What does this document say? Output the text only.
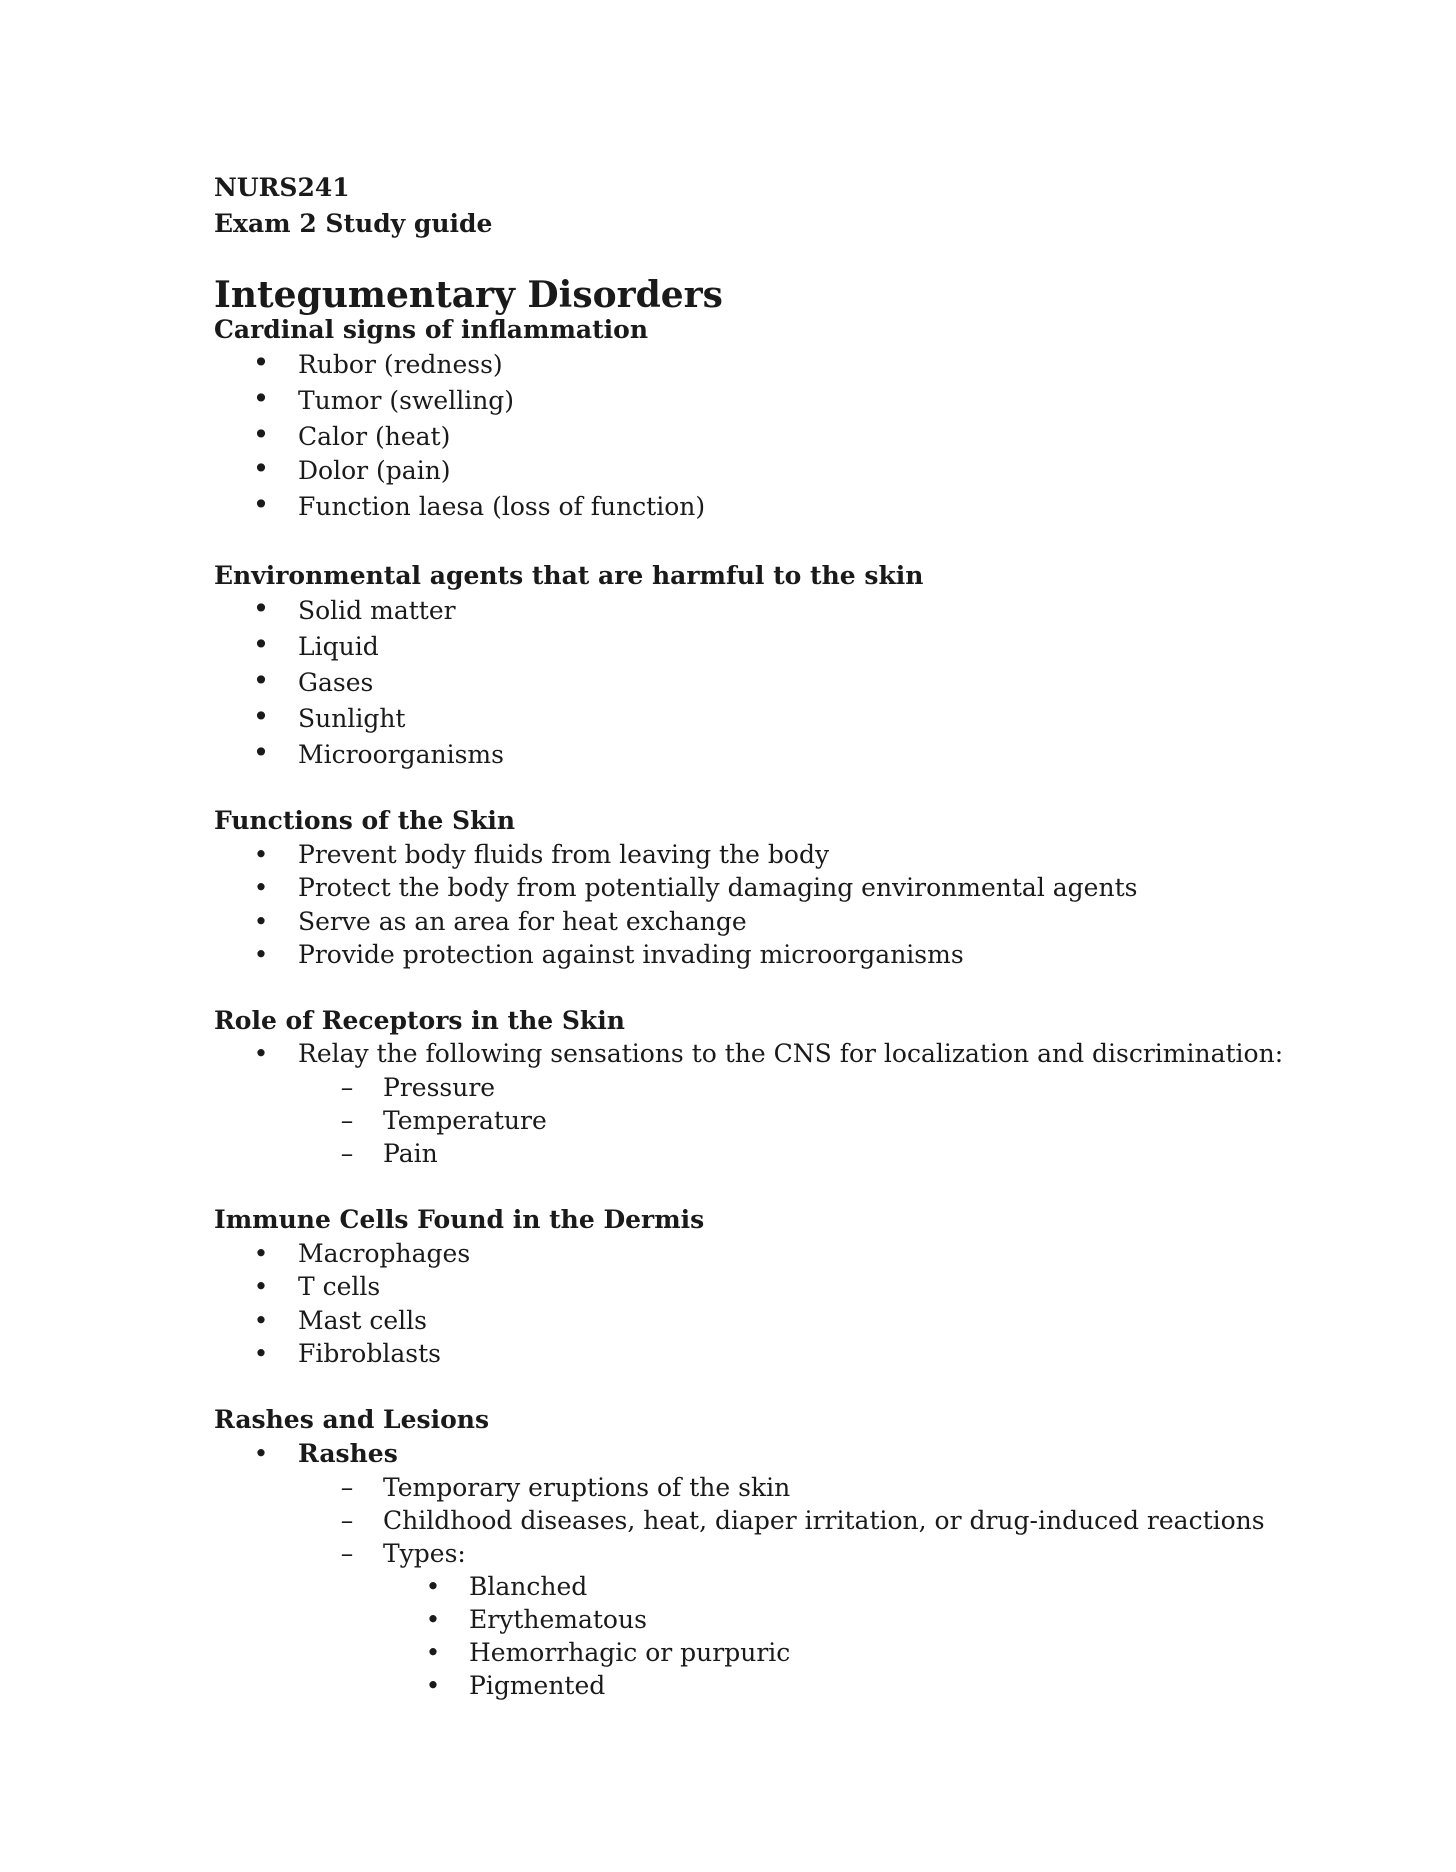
NURS241
Exam 2 Study guide
Integumentary Disorders
Cardinal signs of inflammation
• Rubor (redness)
• Tumor (swelling)
• Calor (heat)
• Dolor (pain)
• Function laesa (loss of function)
Environmental agents that are harmful to the skin
• Solid matter
• Liquid
• Gases
• Sunlight
• Microorganisms
Functions of the Skin
•	Prevent body fluids from leaving the body
•	Protect the body from potentially damaging environmental agents
•	Serve as an area for heat exchange
•	Provide protection against invading microorganisms
Role of Receptors in the Skin
•	Relay the following sensations to the CNS for localization and discrimination:
–	Pressure
–	Temperature
–	Pain
Immune Cells Found in the Dermis
•	Macrophages
•	T cells
•	Mast cells
•	Fibroblasts
Rashes and Lesions
•	Rashes
–	Temporary eruptions of the skin
–	Childhood diseases, heat, diaper irritation, or drug-induced reactions
–	Types:
•	Blanched
•	Erythematous
•	Hemorrhagic or purpuric
•	Pigmented
